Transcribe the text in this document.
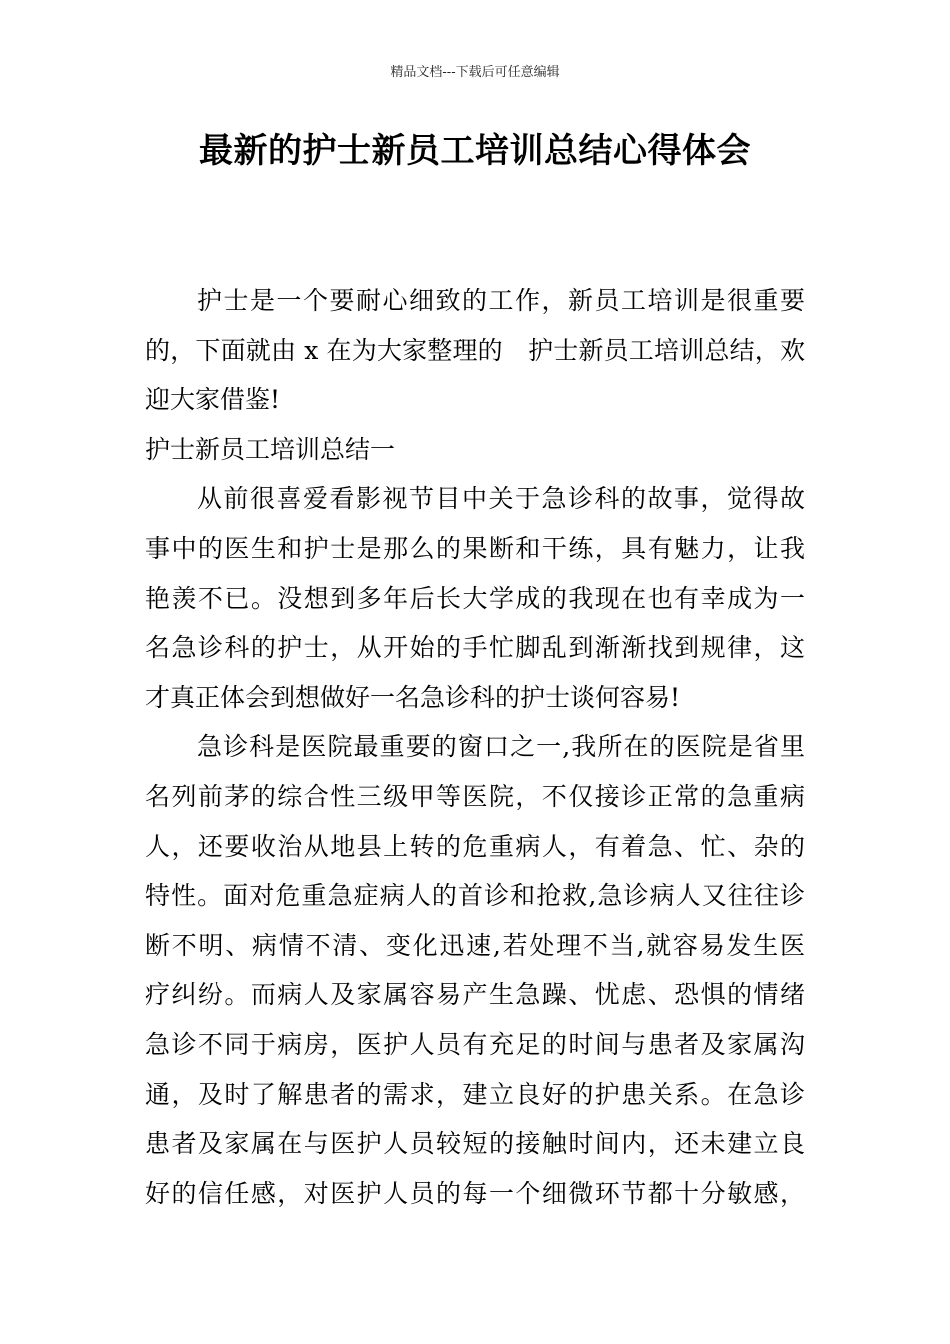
精品文档---下载后可任意编辑
最新的护士新员工培训总结心得体会
护士是一个要耐心细致的工作，新员工培训是很重要
的，下面就由 x 在为大家整理的　护士新员工培训总结，欢
迎大家借鉴!
护士新员工培训总结一
从前很喜爱看影视节目中关于急诊科的故事，觉得故
事中的医生和护士是那么的果断和干练，具有魅力，让我
艳羡不已。没想到多年后长大学成的我现在也有幸成为一
名急诊科的护士，从开始的手忙脚乱到渐渐找到规律，这
才真正体会到想做好一名急诊科的护士谈何容易!
急诊科是医院最重要的窗口之一,我所在的医院是省里
名列前茅的综合性三级甲等医院，不仅接诊正常的急重病
人，还要收治从地县上转的危重病人，有着急、忙、杂的
特性。面对危重急症病人的首诊和抢救,急诊病人又往往诊
断不明、病情不清、变化迅速,若处理不当,就容易发生医
疗纠纷。而病人及家属容易产生急躁、忧虑、恐惧的情绪
急诊不同于病房，医护人员有充足的时间与患者及家属沟
通，及时了解患者的需求，建立良好的护患关系。在急诊
患者及家属在与医护人员较短的接触时间内，还未建立良
好的信任感，对医护人员的每一个细微环节都十分敏感，
